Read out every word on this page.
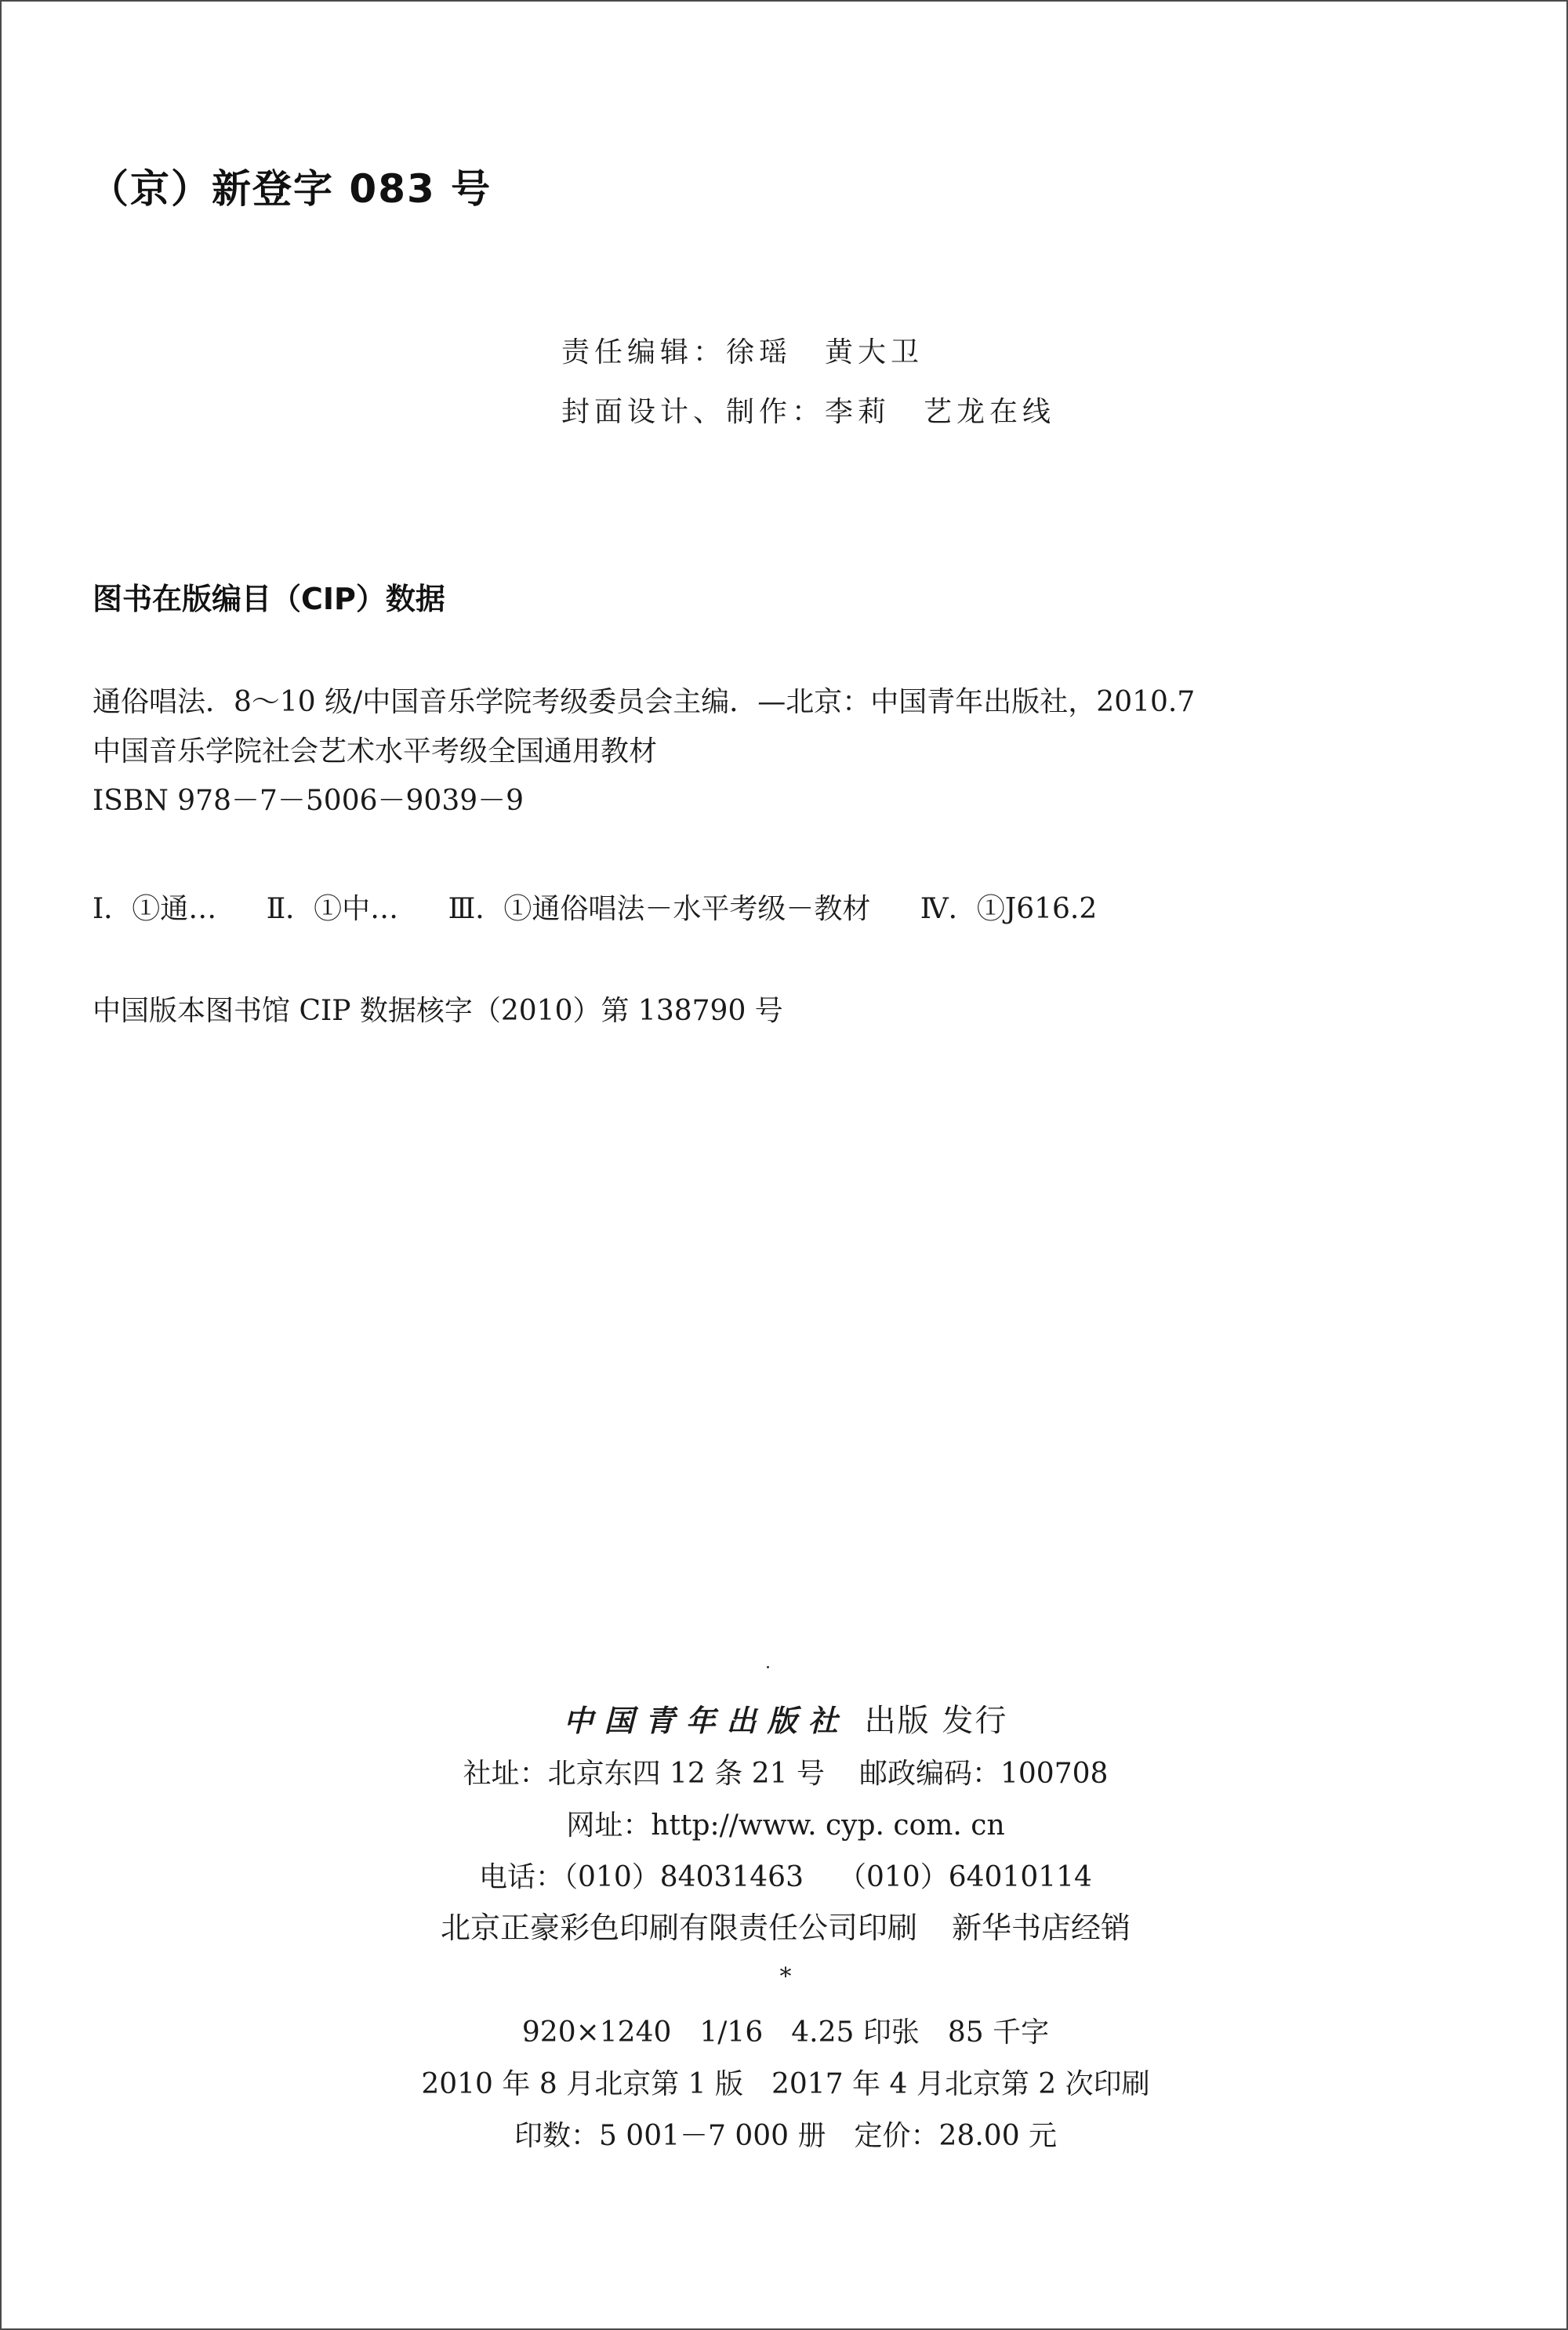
（京）新登字 083 号
责任编辑：徐瑶 黄大卫
封面设计、制作：李莉 艺龙在线
图书在版编目（CIP）数据
通俗唱法．8～10 级/中国音乐学院考级委员会主编．—北京：中国青年出版社，2010.7
中国音乐学院社会艺术水平考级全国通用教材
ISBN 978－7－5006－9039－9
Ⅰ．①通… Ⅱ．①中… Ⅲ．①通俗唱法－水平考级－教材 Ⅳ．①J616.2
中国版本图书馆 CIP 数据核字（2010）第 138790 号
中国青年出版社 出版 发行
社址：北京东四 12 条 21 号 邮政编码：100708
网址：http://www. cyp. com. cn
电话：（010）84031463 （010）64010114
北京正豪彩色印刷有限责任公司印刷 新华书店经销
*
920×1240 1/16 4.25 印张 85 千字
2010 年 8 月北京第 1 版 2017 年 4 月北京第 2 次印刷
印数：5 001－7 000 册 定价：28.00 元
